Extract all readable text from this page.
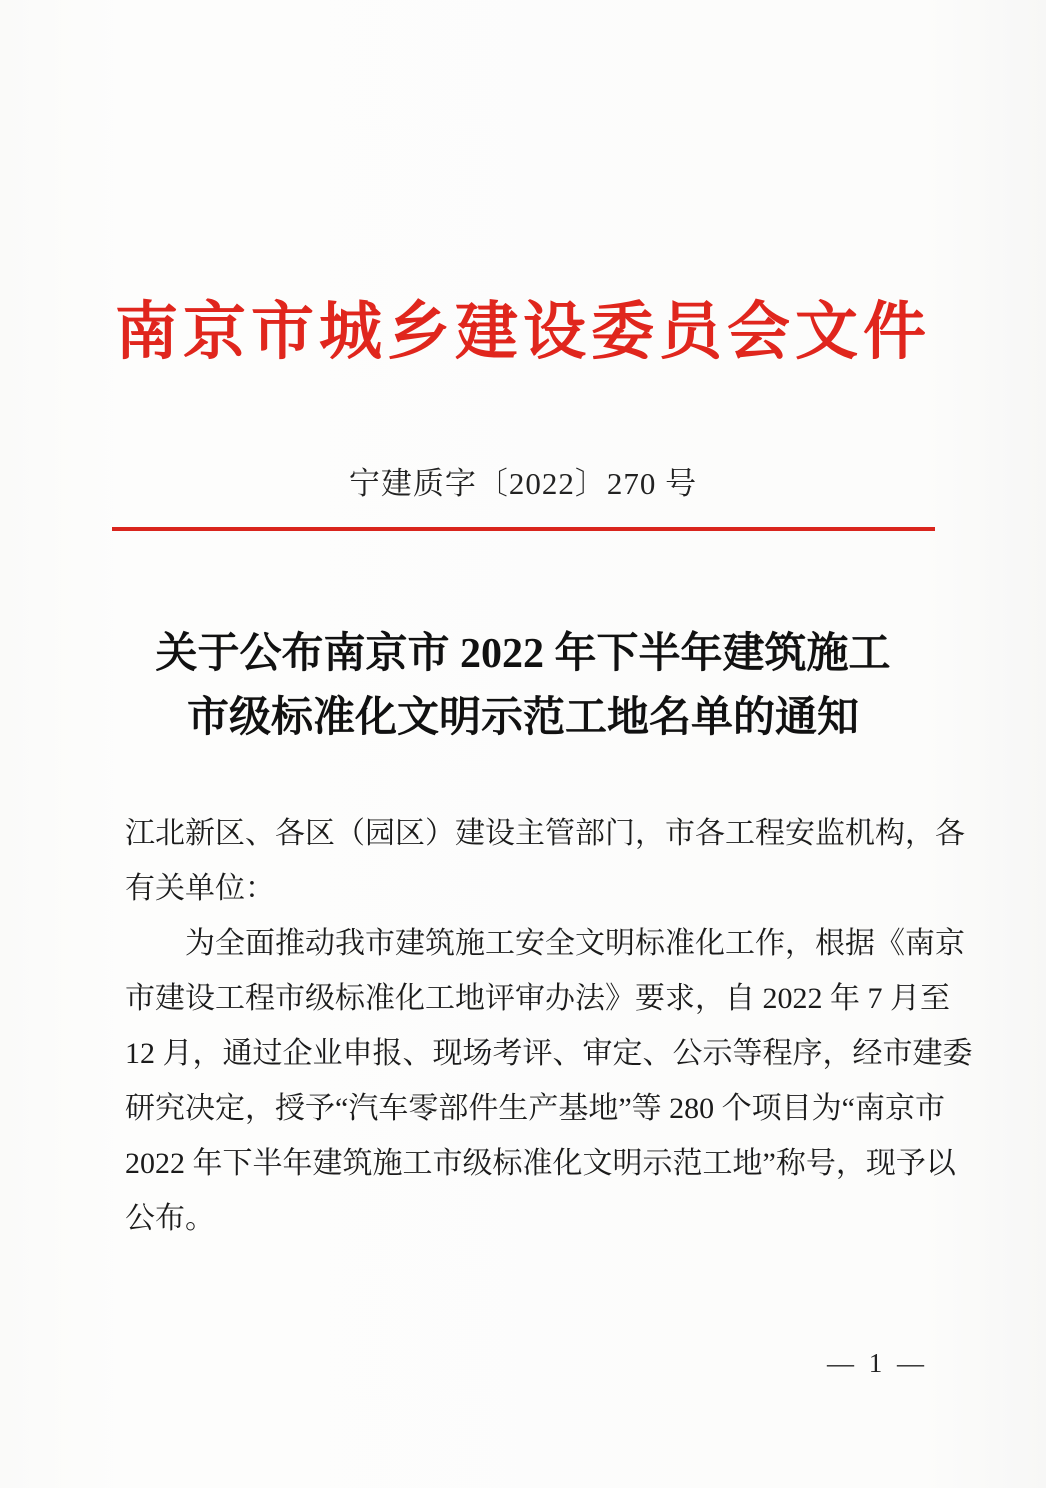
南京市城乡建设委员会文件
宁建质字〔2022〕270 号
关于公布南京市 2022 年下半年建筑施工
市级标准化文明示范工地名单的通知

江北新区、各区（园区）建设主管部门，市各工程安监机构，各

有关单位：

为全面推动我市建筑施工安全文明标准化工作，根据《南京

市建设工程市级标准化工地评审办法》要求，自 2022 年 7 月至

12 月，通过企业申报、现场考评、审定、公示等程序，经市建委

研究决定，授予“汽车零部件生产基地”等 280 个项目为“南京市

2022 年下半年建筑施工市级标准化文明示范工地”称号，现予以

公布。

— 1 —
